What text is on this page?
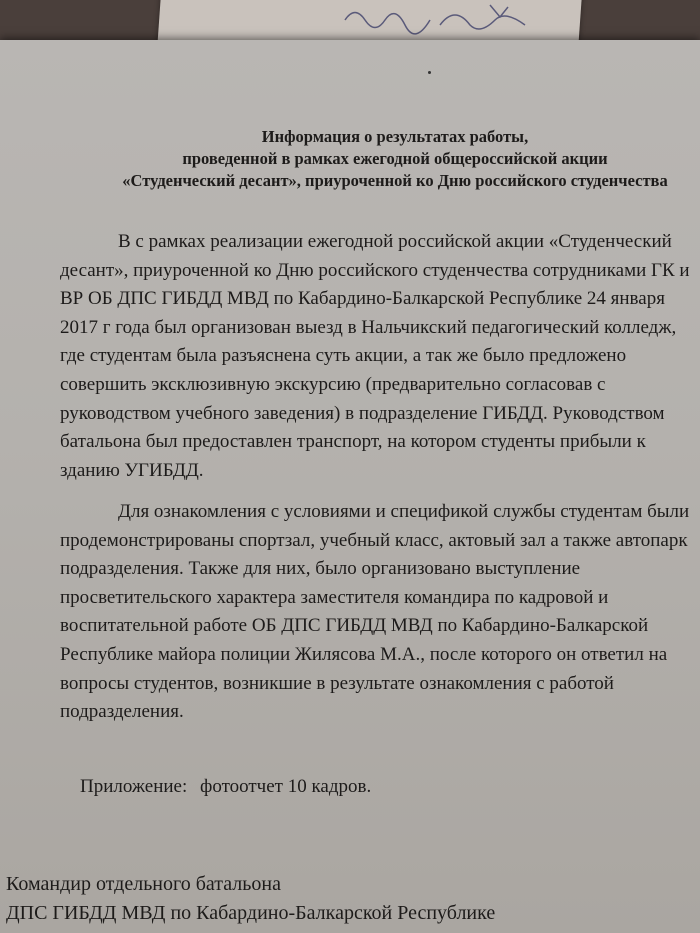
Информация о результатах работы,
проведенной в рамках ежегодной общероссийской акции
«Студенческий десант», приуроченной ко Дню российского студенчества
В с рамках реализации ежегодной российской акции «Студенческий
десант», приуроченной ко Дню российского студенчества сотрудниками ГК и
ВР ОБ ДПС ГИБДД МВД по Кабардино-Балкарской Республике 24 января
2017 г года был организован выезд в Нальчикский педагогический колледж,
где студентам была разъяснена суть акции, а так же было предложено
совершить эксклюзивную экскурсию (предварительно согласовав с
руководством учебного заведения) в подразделение ГИБДД. Руководством
батальона был предоставлен транспорт, на котором студенты прибыли к
зданию УГИБДД.
Для ознакомления с условиями и спецификой службы студентам были
продемонстрированы спортзал, учебный класс, актовый зал а также автопарк
подразделения. Также для них, было организовано выступление
просветительского характера заместителя командира по кадровой и
воспитательной работе ОБ ДПС ГИБДД МВД по Кабардино-Балкарской
Республике майора полиции Жилясова М.А., после которого он ответил на
вопросы студентов, возникшие в результате ознакомления с работой
подразделения.
Приложение: фотоотчет 10 кадров.
Командир отдельного батальона
ДПС ГИБДД МВД по Кабардино-Балкарской Республике
